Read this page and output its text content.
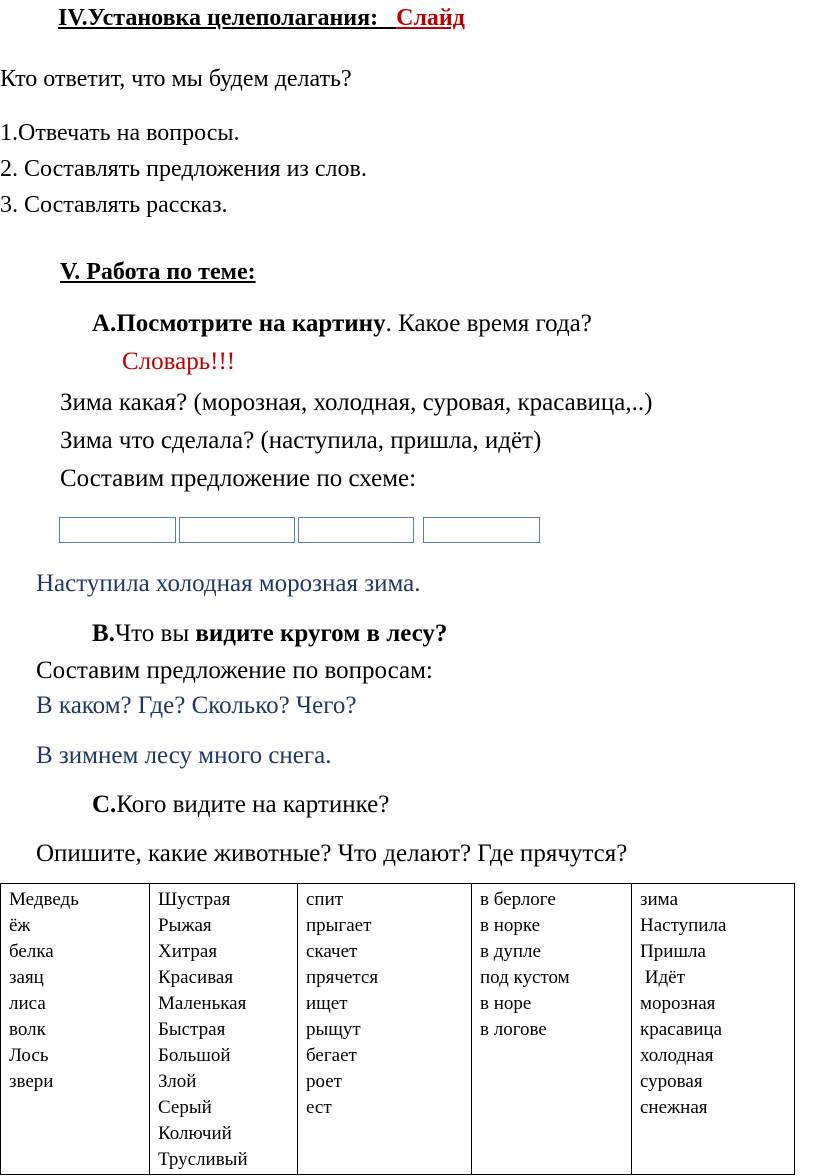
IV.Установка целеполагания: Слайд
Кто ответит, что мы будем делать?
1.Отвечать на вопросы.
2. Составлять предложения из слов.
3. Составлять рассказ.
V. Работа по теме:
А.Посмотрите на картину. Какое время года?
Словарь!!!
Зима какая? (морозная, холодная, суровая, красавица,..)
Зима что сделала? (наступила, пришла, идёт)
Составим предложение по схеме:
Наступила холодная морозная зима.
B.Что вы видите кругом в лесу?
Составим предложение по вопросам:
В каком? Где? Сколько? Чего?
В зимнем лесу много снега.
C.Кого видите на картинке?
Опишите, какие животные? Что делают? Где прячутся?
Медведь
ёж
белка
заяц
лиса
волк
Лось
звери

Шустрая
Рыжая
Хитрая
Красивая
Маленькая
Быстрая
Большой
Злой
Серый
Колючий
Трусливый

спит
прыгает
скачет
прячется
ищет
рыщут
бегает
роет
ест

в берлоге
в норке
в дупле
под кустом
в норе
в логове

зима
Наступила
Пришла
Идёт
морозная
красавица
холодная
суровая
снежная
